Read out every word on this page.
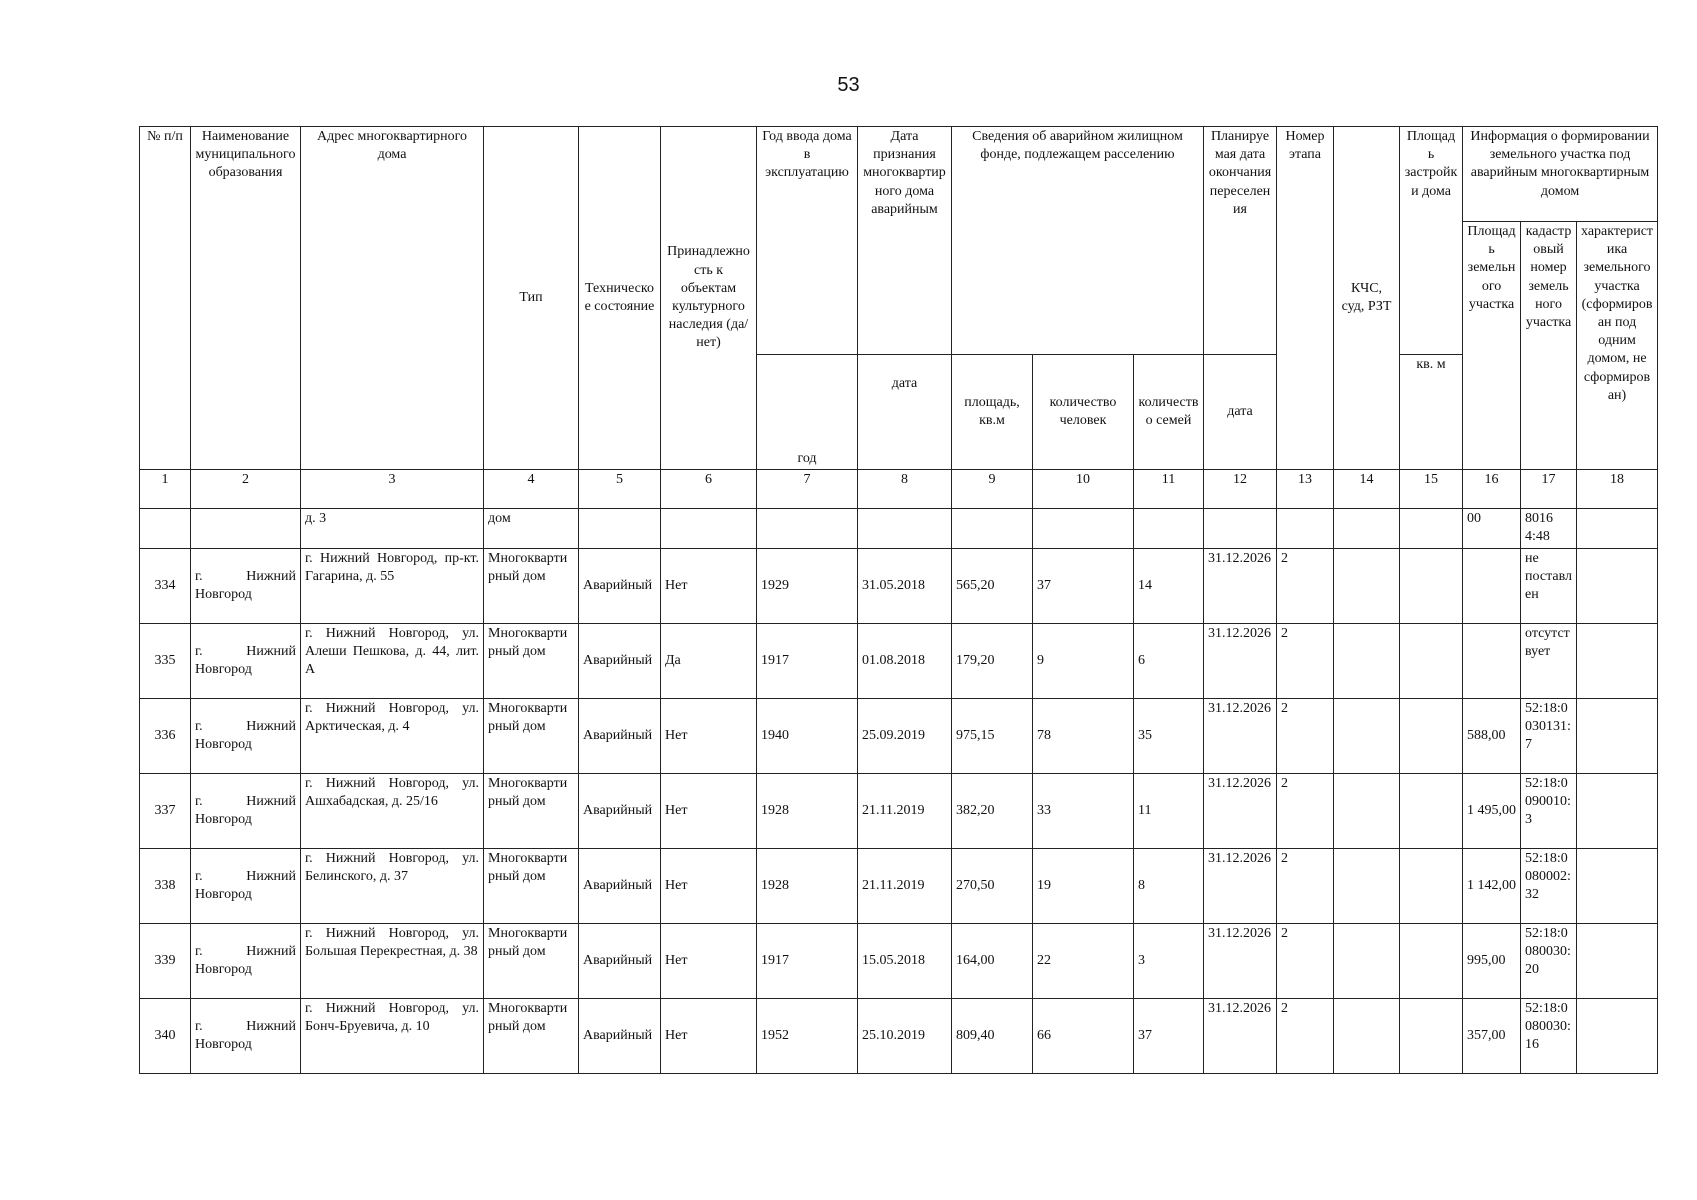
53
№ п/п	Наименование муниципального образования	Адрес многоквартирного дома	Тип	Техническое состояние	Принадлежность к объектам культурного наследия (да/нет)	Год ввода дома в эксплуатацию	Дата признания многоквартирного дома аварийным	Сведения об аварийном жилищном фонде, подлежащем расселению			Планируемая дата окончания переселения	Номер этапа	КЧС, суд, РЗТ	Площадь застройки дома	Информация о формировании земельного участка под аварийным многоквартирным домом		
															Площадь земельного участка	кадастровый номер земельного участка	характеристика земельного участка (сформирован под одним домом, не сформирован)
						год	дата	площадь, кв.м	количество человек	количество семей	дата			кв. м			
1	2	3	4	5	6	7	8	9	10	11	12	13	14	15	16	17	18
		д. 3	дом												00	8016 4:48	
334	г. Нижний Новгород	г. Нижний Новгород, пр-кт. Гагарина, д. 55	Многоквартирный дом	Аварийный	Нет	1929	31.05.2018	565,20	37	14	31.12.2026	2				не поставлен	
335	г. Нижний Новгород	г. Нижний Новгород, ул. Алеши Пешкова, д. 44, лит. А	Многоквартирный дом	Аварийный	Да	1917	01.08.2018	179,20	9	6	31.12.2026	2				отсутствует	
336	г. Нижний Новгород	г. Нижний Новгород, ул. Арктическая, д. 4	Многоквартирный дом	Аварийный	Нет	1940	25.09.2019	975,15	78	35	31.12.2026	2			588,00	52:18:0030131:7	
337	г. Нижний Новгород	г. Нижний Новгород, ул. Ашхабадская, д. 25/16	Многоквартирный дом	Аварийный	Нет	1928	21.11.2019	382,20	33	11	31.12.2026	2			1 495,00	52:18:0090010:3	
338	г. Нижний Новгород	г. Нижний Новгород, ул. Белинского, д. 37	Многоквартирный дом	Аварийный	Нет	1928	21.11.2019	270,50	19	8	31.12.2026	2			1 142,00	52:18:0080002:32	
339	г. Нижний Новгород	г. Нижний Новгород, ул. Большая Перекрестная, д. 38	Многоквартирный дом	Аварийный	Нет	1917	15.05.2018	164,00	22	3	31.12.2026	2			995,00	52:18:0080030:20	
340	г. Нижний Новгород	г. Нижний Новгород, ул. Бонч-Бруевича, д. 10	Многоквартирный дом	Аварийный	Нет	1952	25.10.2019	809,40	66	37	31.12.2026	2			357,00	52:18:0080030:16	
